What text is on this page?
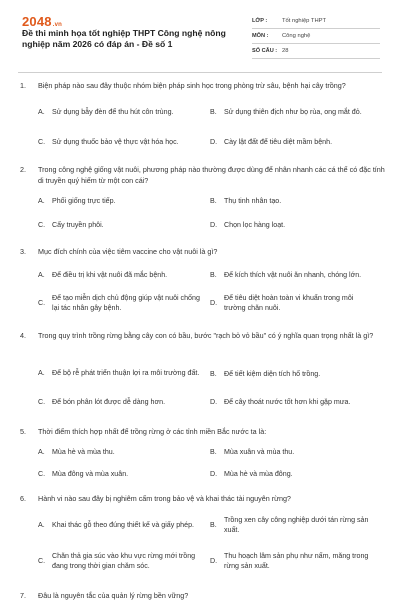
2048.vn
Đề thi minh họa tốt nghiệp THPT Công nghệ nông nghiệp năm 2026 có đáp án - Đề số 1
LỚP :	Tốt nghiệp THPT
MÔN :	Công nghệ
SỐ CÂU : 28
1.	Biện pháp nào sau đây thuộc nhóm biện pháp sinh học trong phòng trừ sâu, bệnh hại cây trồng?
A.	Sử dụng bẫy đèn để thu hút côn trùng.	B.	Sử dụng thiên địch như bọ rùa, ong mắt đỏ.
C. Sử dụng thuốc bảo vệ thực vật hóa học.	D. Cày lật đất để tiêu diệt mầm bệnh.
2.	Trong công nghệ giống vật nuôi, phương pháp nào thường được dùng để nhân nhanh các cá thể có đặc tính di truyền quý hiếm từ một con cái?
A.	Phối giống trực tiếp.	B.	Thụ tinh nhân tạo.
C. Cấy truyền phôi.	D. Chọn lọc hàng loạt.
3.	Mục đích chính của việc tiêm vaccine cho vật nuôi là gì?
A.	Để điều trị khi vật nuôi đã mắc bệnh.	B.	Để kích thích vật nuôi ăn nhanh, chóng lớn.
C.
Để tạo miễn dịch chủ động giúp vật nuôi chống lại tác nhân gây bệnh.
D.
Để tiêu diệt hoàn toàn vi khuẩn trong môi trường chăn nuôi.
4.	Trong quy trình trồng rừng bằng cây con có bầu, bước "rạch bỏ vỏ bầu" có ý nghĩa quan trọng nhất là gì?
A.	Để bộ rễ phát triển thuận lợi ra môi trường đất.	B.	Để tiết kiệm diện tích hố trồng.
C. Để bón phân lót được dễ dàng hơn.	D. Để cây thoát nước tốt hơn khi gặp mưa.
5.	Thời điểm thích hợp nhất để trồng rừng ở các tỉnh miền Bắc nước ta là:
A.	Mùa hè và mùa thu.	B.	Mùa xuân và mùa thu.
C. Mùa đông và mùa xuân.	D. Mùa hè và mùa đông.
6.	Hành vi nào sau đây bị nghiêm cấm trong bảo vệ và khai thác tài nguyên rừng?
A.	Khai thác gỗ theo đúng thiết kế và giấy phép.	B.
Trồng xen cây công nghiệp dưới tán rừng sản xuất.
C.
Chăn thả gia súc vào khu vực rừng mới trồng đang trong thời gian chăm sóc.
D.
Thu hoạch lâm sản phụ như nấm, măng trong rừng sản xuất.
7.	Đâu là nguyên tắc của quản lý rừng bền vững?
